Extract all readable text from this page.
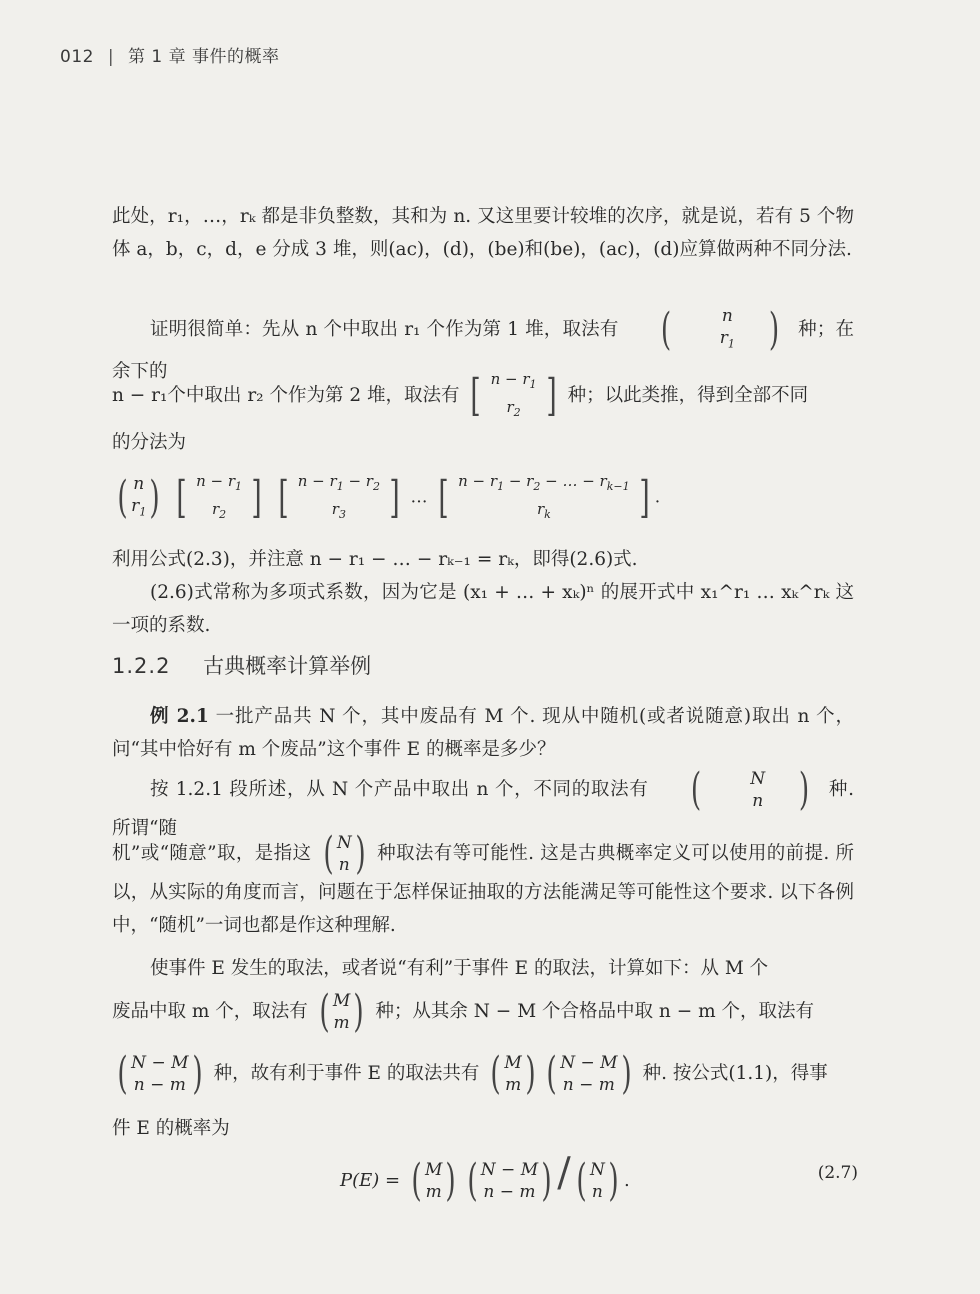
012 | 第 1 章 事件的概率

此处，r₁，…，rₖ 都是非负整数，其和为 n. 又这里要计较堆的次序，就是说，若有 5 个物体 a，b，c，d，e 分成 3 堆，则(ac)，(d)，(be)和(be)，(ac)，(d)应算做两种不同分法.

证明很简单：先从 n 个中取出 r₁ 个作为第 1 堆，取法有 (	n
$r_1$ ) 种；在余下的
n − r₁个中取出 r₂ 个作为第 2 堆，取法有 [ $n - r_1$
$r_2$ ] 种；以此类推，得到全部不同
的分法为
( n
$r_1$ )
[ $n - r_1$
$r_2$ ]
[ $n - r_1 - r_2$
$r_3$ ] … [ $n - r_1 - r_2$ − … − $r_{k-1}$
$r_k$ ] .

利用公式(2.3)，并注意 n − r₁ − … − rₖ₋₁ = rₖ，即得(2.6)式.

(2.6)式常称为多项式系数，因为它是 (x₁ + … + xₖ)ⁿ 的展开式中 x₁^r₁ … xₖ^rₖ 这一项的系数.

1.2.2 古典概率计算举例

例 2.1 一批产品共 N 个，其中废品有 M 个. 现从中随机(或者说随意)取出 n 个，问“其中恰好有 m 个废品”这个事件 E 的概率是多少？

按 1.2.1 段所述，从 N 个产品中取出 n 个，不同的取法有 (	N
n ) 种. 所谓“随
机”或“随意”取，是指这 ( N
n ) 种取法有等可能性. 这是古典概率定义可以使用的前提. 所以，从实际的角度而言，问题在于怎样保证抽取的方法能满足等可能性这个要求. 以下各例中，“随机”一词也都是作这种理解.

使事件 E 发生的取法，或者说“有利”于事件 E 的取法，计算如下：从 M 个

废品中取 m 个，取法有 ( M
m ) 种；从其余 N − M 个合格品中取 n − m 个，取法有
( N − M
n − m ) 种，故有利于事件 E 的取法共有 ( M
m ) ( N − M
n − m ) 种. 按公式(1.1)，得事

件 E 的概率为

P(E) = ( M
m ) ( N − M
n − m ) / ( N
n ) .	(2.7)
